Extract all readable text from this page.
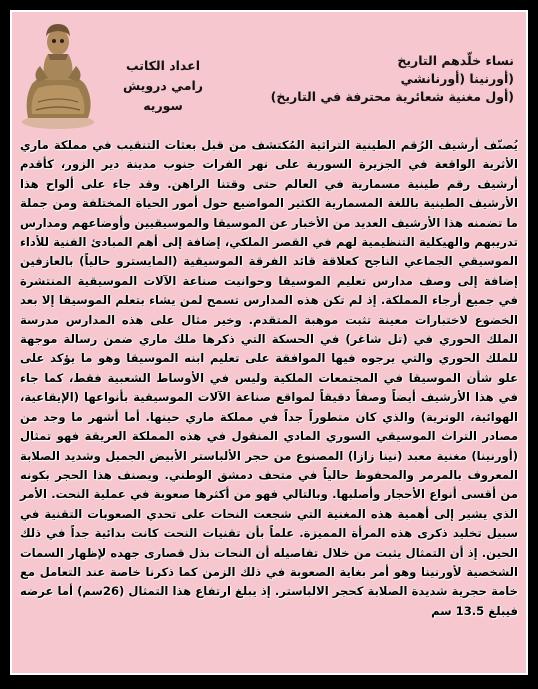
اعداد الكاتب
رامي درويش
سوريه
نساء خلّدهم التاريخ
(أورنينا (أورنانشي
(أول مغنية شعائرية محترفة في التاريخ)
يُصنّف أرشيف الرُقم الطينية التراثية المُكتشف من قبل بعثات التنقيب في مملكة ماري الأثرية الواقعة في الجزيرة السورية على نهر الفرات جنوب مدينة دير الزور، كأقدم أرشيف رقم طينية مسمارية في العالم حتى وقتنا الراهن. وقد جاء على ألواح هذا الأرشيف الطينية باللغة المسمارية الكثير المواضيع حول أمور الحياة المختلفة ومن جملة ما تضمنه هذا الأرشيف العديد من الأخبار عن الموسيقا والموسيقيين وأوضاعهم ومدارس تدريبهم والهيكلية التنظيمية لهم في القصر الملكي، إضافة إلى أهم المبادئ الفنية للأداء الموسيقي الجماعي الناجح كعلاقة قائد الفرقة الموسيقية (المايسترو حالياً) بالعازفين إضافة إلى وصف مدارس تعليم الموسيقا وحوانيت صناعة الآلات الموسيقية المنتشرة في جميع أرجاء المملكة. إذ لم تكن هذه المدارس تسمح لمن يشاء بتعلم الموسيقا إلا بعد الخضوع لاختبارات معينة تثبت موهبة المتقدم. وخير مثال على هذه المدارس مدرسة الملك الحوري في (تل شاغر) في الحسكة التي ذكرها ملك ماري ضمن رسالة موجهة للملك الحوري والتي يرجوه فيها الموافقة على تعليم ابنه الموسيقا وهو ما يؤكد على علو شأن الموسيقا في المجتمعات الملكية وليس في الأوساط الشعبية فقط، كما جاء في هذا الأرشيف أيضاً وصفاً دقيقاً لمواقع صناعة الآلات الموسيقية بأنواعها (الإيقاعية، الهوائية، الوترية) والذي كان متطوراً جداً في مملكة ماري حينها. أما أشهر ما وجد من مصادر التراث الموسيقي السوري المادي المنقول في هذه المملكة العريقة فهو تمثال (أورنينا) مغنية معبد (نينا زازا) المصنوع من حجر الألباستر الأبيض الجميل وشديد الصلابة المعروف بالمرمر والمحفوظ حالياً في متحف دمشق الوطني. ويصنف هذا الحجر بكونه من أقسى أنواع الأحجار وأصلبها. وبالتالي فهو من أكثرها صعوبة في عملية النحت. الأمر الذي يشير إلى أهمية هذه المغنية التي شجعت النحات على تحدي الصعوبات التقنية في سبيل تخليد ذكرى هذه المرأة المميزة. علماً بأن تقنيات النحت كانت بدائية جداً في ذلك الحين. إذ أن التمثال يثبت من خلال تفاصيله أن النحات بذل قصارى جهده لإظهار السمات الشخصية لأورنينا وهو أمر بغاية الصعوبة في ذلك الزمن كما ذكرنا خاصة عند التعامل مع خامة حجرية شديدة الصلابة كحجر الالباستر. إذ يبلغ ارتفاع هذا التمثال (26سم) أما عرضه فيبلغ 13.5 سم
